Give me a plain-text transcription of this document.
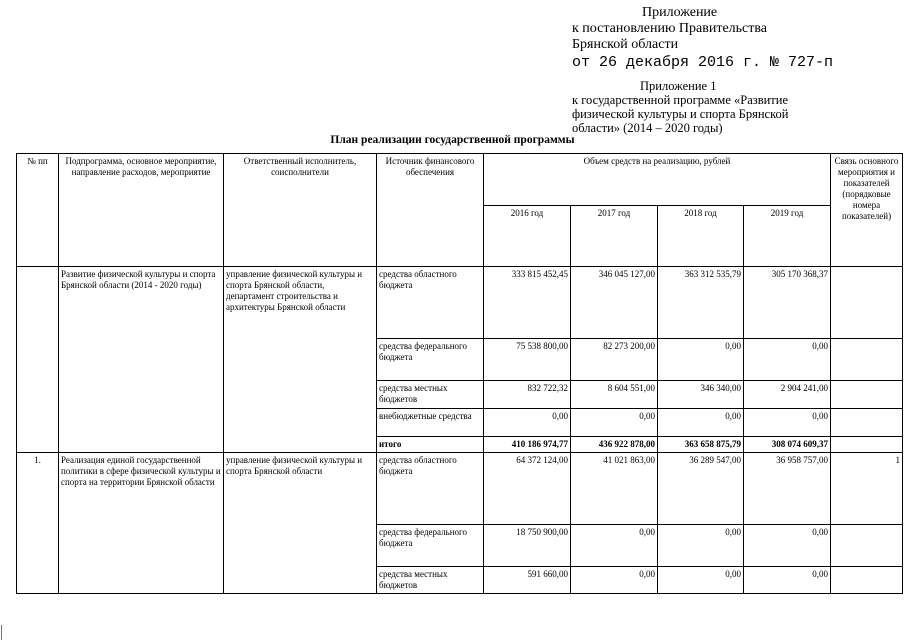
Приложение
к постановлению Правительства
Брянской области
от 26 декабря 2016 г. № 727-п
Приложение 1
к государственной программе «Развитие
физической культуры и спорта Брянской
области» (2014 – 2020 годы)
План реализации государственной программы
№ пп	Подпрограмма, основное мероприятие, направление расходов, мероприятие	Ответственный исполнитель, соисполнители	Источник финансового обеспечения	Объем средств на реализацию, рублей				Связь основного мероприятия и показателей (порядковые номера показателей)
				2016 год	2017 год	2018 год	2019 год	
	Развитие физической культуры и спорта Брянской области (2014 - 2020 годы)	управление физической культуры и спорта Брянской области, департамент строительства и архитектуры Брянской области	средства областного бюджета	333 815 452,45	346 045 127,00	363 312 535,79	305 170 368,37	
			средства федерального бюджета	75 538 800,00	82 273 200,00	0,00	0,00	
			средства местных бюджетов	832 722,32	8 604 551,00	346 340,00	2 904 241,00	
			внебюджетные средства	0,00	0,00	0,00	0,00	
			итого	410 186 974,77	436 922 878,00	363 658 875,79	308 074 609,37	
1.	Реализация единой государственной политики в сфере физической культуры и спорта на территории Брянской области	управление физической культуры и спорта Брянской области	средства областного бюджета	64 372 124,00	41 021 863,00	36 289 547,00	36 958 757,00	1
			средства федерального бюджета	18 750 900,00	0,00	0,00	0,00	
			средства местных бюджетов	591 660,00	0,00	0,00	0,00	
